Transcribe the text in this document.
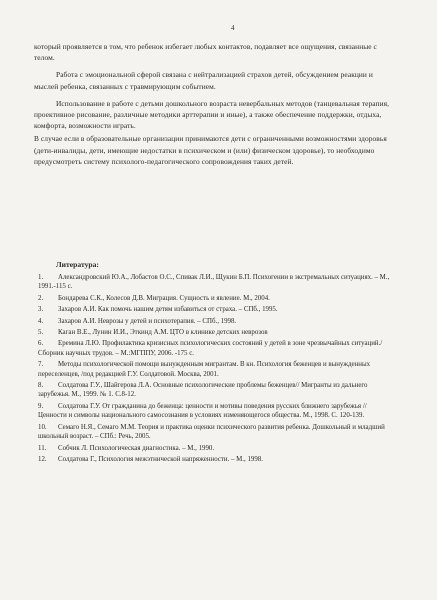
4

который проявляется в том, что ребенок избегает любых контактов, подавляет все ощущения, связанные с телом.

Работа с эмоциональной сферой связана с нейтрализацией страхов детей, обсуждением реакции и мыслей ребенка, связанных с травмирующим событием.

Использование в работе с детьми дошкольного возраста невербальных методов (танцевальная терапия, проективное рисование, различные методики арттерапии и иные), а также обеспечение поддержки, отдыха, комфорта, возможности играть.

В случае если в образовательные организации принимаются дети с ограниченными возможностями здоровья (дети-инвалиды, дети, имеющие недостатки в психическом и (или) физическом здоровье), то необходимо предусмотреть систему психолого-педагогического сопровождения таких детей.

Литература:
1. Александровский Ю.А., Лобастов О.С., Спивак Л.И., Щукин Б.П. Психогении в экстремальных ситуациях. – М., 1991.-115 с.
2. Бондарева С.К., Колесов Д.В. Миграция. Сущность и явление. М., 2004.
3. Захаров А.И. Как помочь нашим детям избавиться от страха. – СПб., 1995.
4. Захаров А.И. Неврозы у детей и психотерапия. – СПб., 1998.
5. Каган В.Е., Лунин И.И., Эткинд А.М. ЦТО в клинике детских неврозов
6. Еремина Л.Ю. Профилактика кризисных психологических состояний у детей в зоне чрезвычайных ситуаций./Сборник научных трудов. – М.:МГППУ, 2006. -175 с.
7. Методы психологической помощи вынужденным мигрантам. В кн. Психология беженцев и вынужденных переселенцев, /под редакцией Г.У. Солдатовой. Москва, 2001.
8. Солдатова Г.У., Шайгерова Л.А. Основные психологические проблемы беженцев// Мигранты из дальнего зарубежья. М., 1999. № 1. С.8-12.
9. Солдатова Г.У. От гражданина до беженца: ценности и мотивы поведения русских ближнего зарубежья //Ценности и символы национального самосознания в условиях изменяющегося общества. М., 1998. С. 120-139.
10. Семаго Н.Я., Семаго М.М. Теория и практика оценки психического развития ребенка. Дошкольный и младший школьный возраст. – СПб.: Речь, 2005.
11. Собчик Л. Психологическая диагностика. – М., 1990.
12. Солдатова Г., Психология межэтнической напряженности. – М., 1998.
